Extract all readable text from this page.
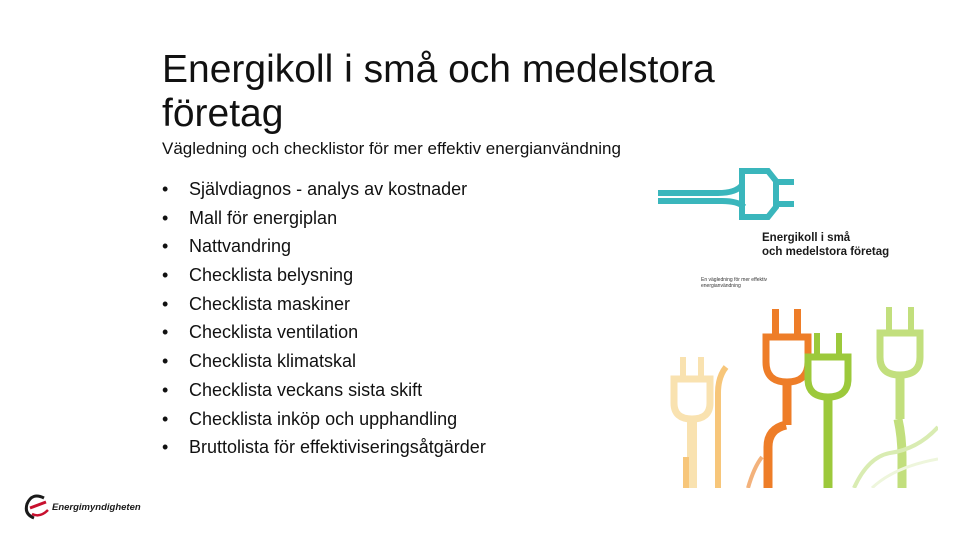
Energikoll i små och medelstora företag
Vägledning och checklistor för mer effektiv energianvändning
•	Självdiagnos - analys av kostnader
•	Mall för energiplan
•	Nattvandring
•	Checklista belysning
•	Checklista maskiner
•	Checklista ventilation
•	Checklista klimatskal
•	Checklista veckans sista skift
•	Checklista inköp och upphandling
•	Bruttolista för effektiviseringsåtgärder
Energikoll i små
och medelstora företag
En vägledning för mer effektiv energianvändning
Energimyndigheten
